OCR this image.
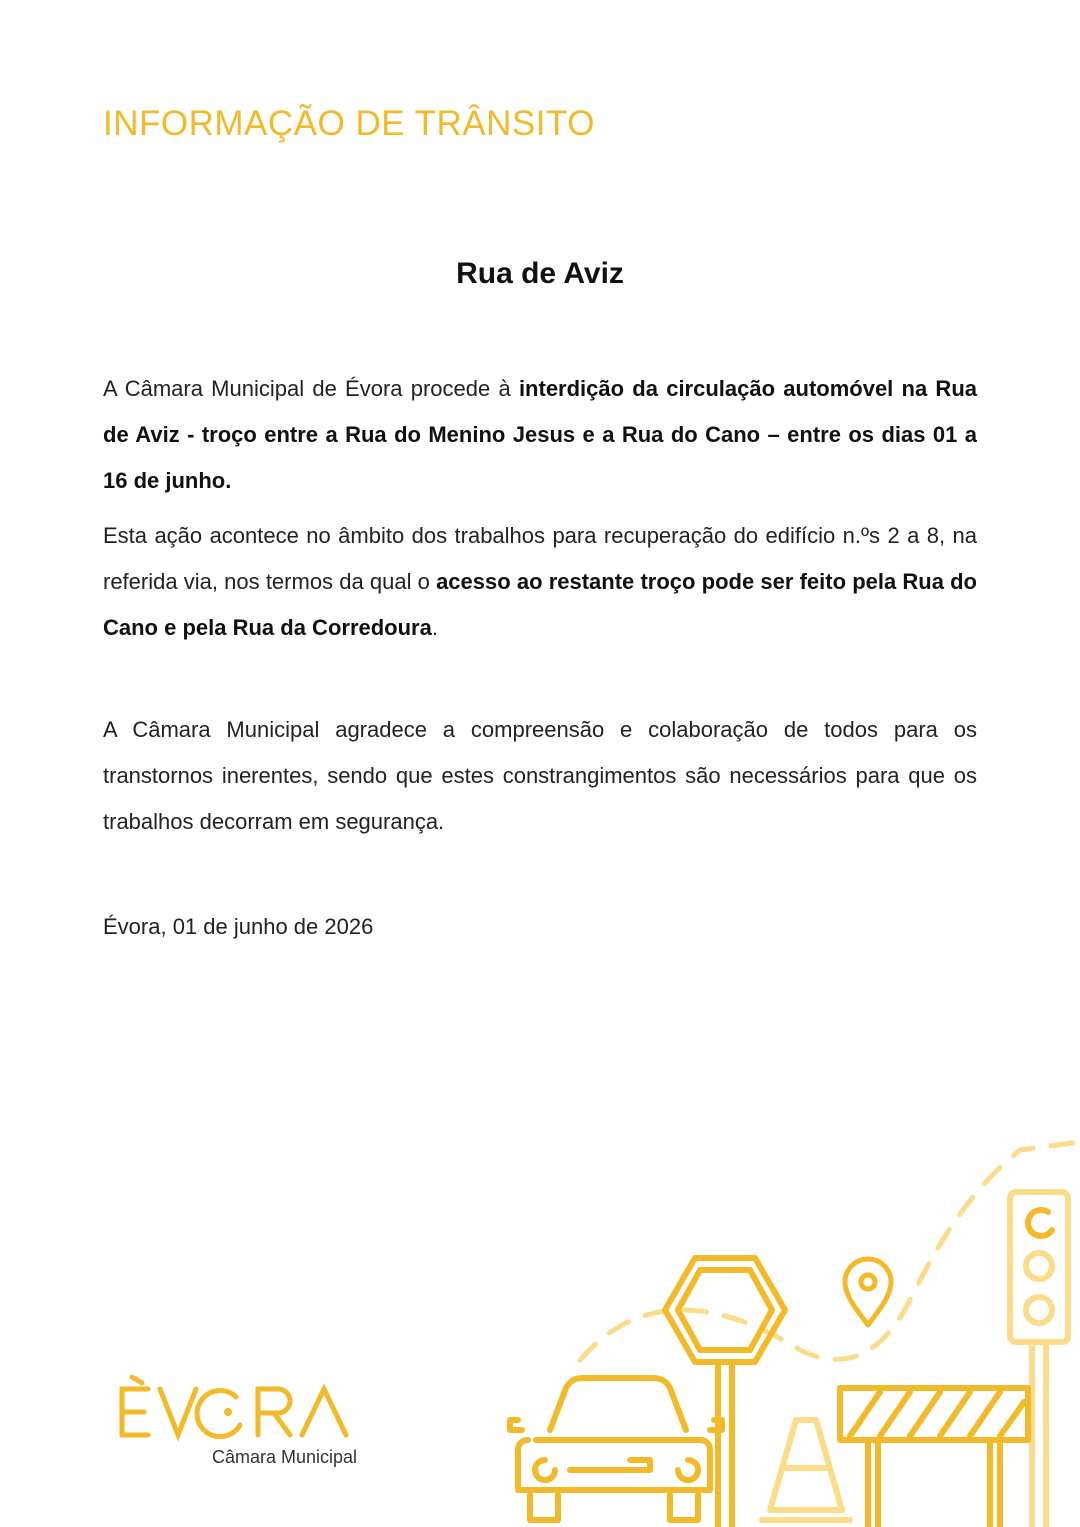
INFORMAÇÃO DE TRÂNSITO
Rua de Aviz

A Câmara Municipal de Évora procede à interdição da circulação automóvel na Rua de Aviz - troço entre a Rua do Menino Jesus e a Rua do Cano – entre os dias 01 a 16 de junho.

Esta ação acontece no âmbito dos trabalhos para recuperação do edifício n.ºs 2 a 8, na referida via, nos termos da qual o acesso ao restante troço pode ser feito pela Rua do Cano e pela Rua da Corredoura.

A Câmara Municipal agradece a compreensão e colaboração de todos para os transtornos inerentes, sendo que estes constrangimentos são necessários para que os trabalhos decorram em segurança.

Évora, 01 de junho de 2026

Câmara Municipal
